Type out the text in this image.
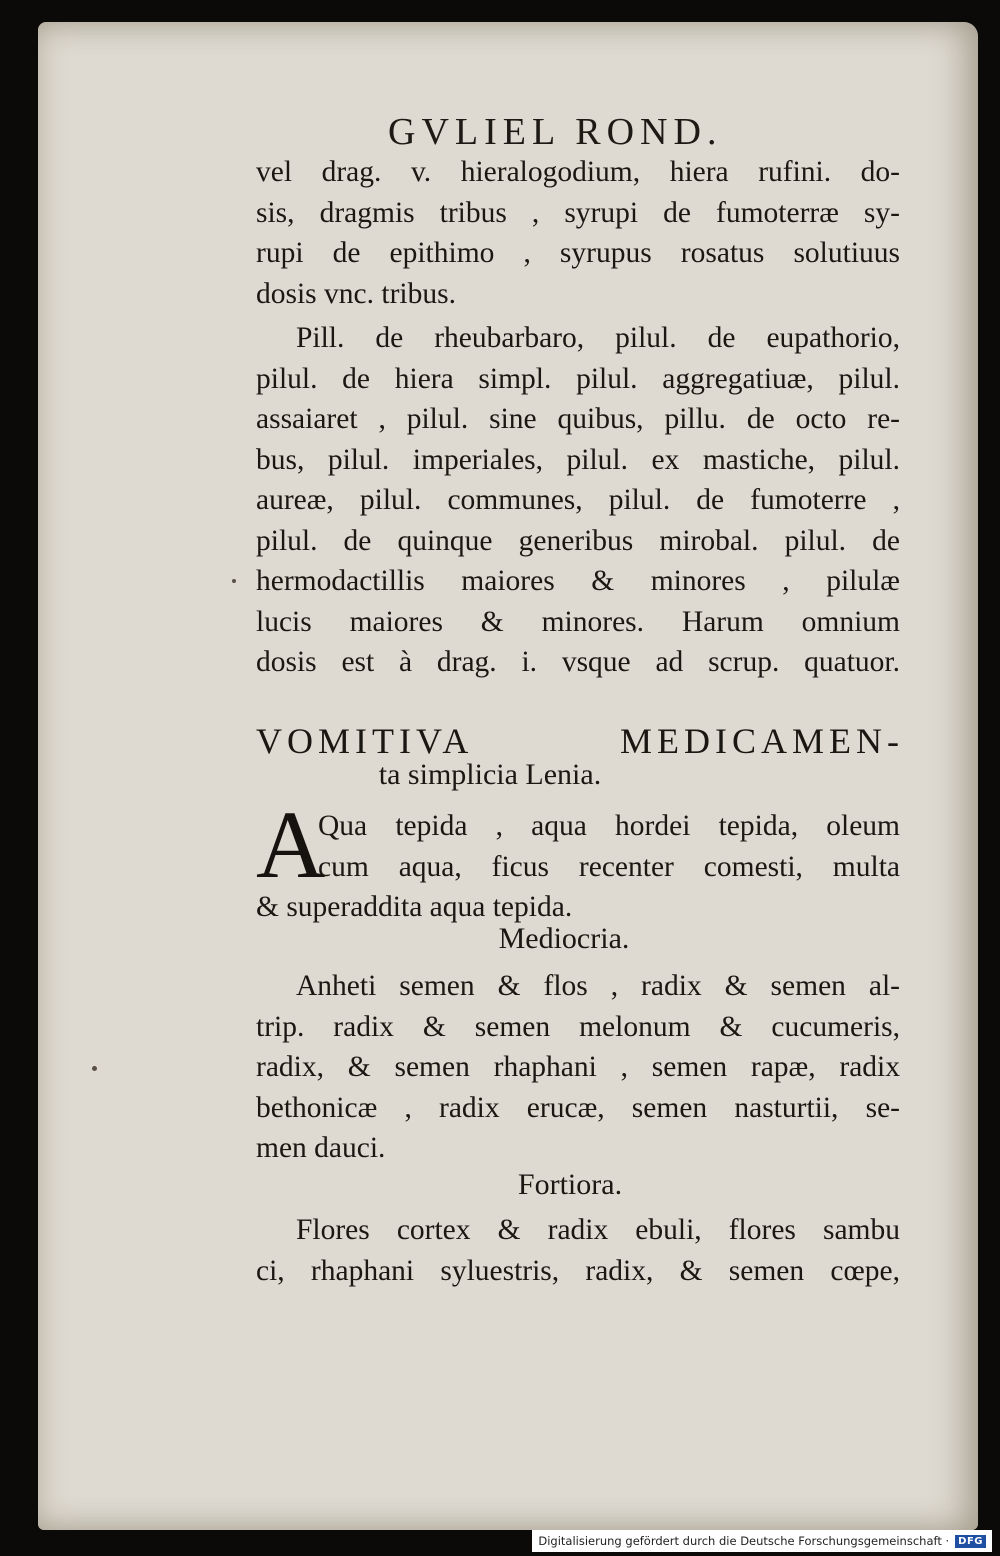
GVLIEL ROND.
vel drag. v. hieralogodium, hiera rufini. do-
sis, dragmis tribus , syrupi de fumoterræ sy-
rupi de epithimo , syrupus rosatus solutiuus
dosis vnc. tribus.
Pill. de rheubarbaro, pilul. de eupathorio,
pilul. de hiera simpl. pilul. aggregatiuæ, pilul.
assaiaret , pilul. sine quibus, pillu. de octo re-
bus, pilul. imperiales, pilul. ex mastiche, pilul.
aureæ, pilul. communes, pilul. de fumoterre ,
pilul. de quinque generibus mirobal. pilul. de
hermodactillis maiores & minores , pilulæ
lucis maiores & minores. Harum omnium
dosis est à drag. i. vsque ad scrup. quatuor.
VOMITIVA MEDICAMEN-
ta simplicia Lenia.
A
Qua tepida , aqua hordei tepida, oleum
cum aqua, ficus recenter comesti, multa
& superaddita aqua tepida.
Mediocria.
Anheti semen & flos , radix & semen al-
trip. radix & semen melonum & cucumeris,
radix, & semen rhaphani , semen rapæ, radix
bethonicæ , radix erucæ, semen nasturtii, se-
men dauci.
Fortiora.
Flores cortex & radix ebuli, flores sambu
ci, rhaphani syluestris, radix, & semen cœpe,
Digitalisierung gefördert durch die Deutsche Forschungsgemeinschaft · DFG
